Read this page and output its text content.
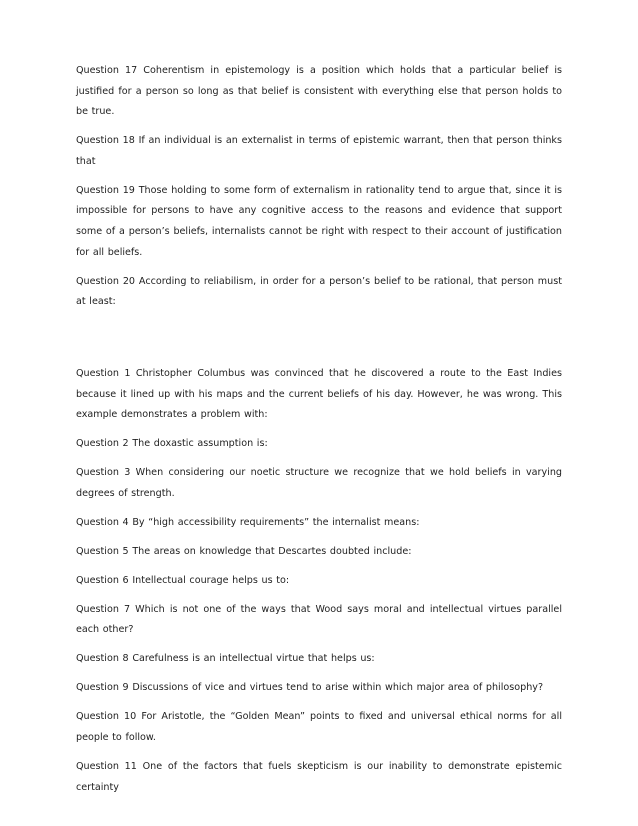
Question 17 Coherentism in epistemology is a position which holds that a particular belief is justified for a person so long as that belief is consistent with everything else that person holds to be true.

Question 18 If an individual is an externalist in terms of epistemic warrant, then that person thinks that

Question 19 Those holding to some form of externalism in rationality tend to argue that, since it is impossible for persons to have any cognitive access to the reasons and evidence that support some of a person’s beliefs, internalists cannot be right with respect to their account of justification for all beliefs.

Question 20 According to reliabilism, in order for a person’s belief to be rational, that person must at least:

Question 1 Christopher Columbus was convinced that he discovered a route to the East Indies because it lined up with his maps and the current beliefs of his day. However, he was wrong. This example demonstrates a problem with:

Question 2 The doxastic assumption is:

Question 3 When considering our noetic structure we recognize that we hold beliefs in varying degrees of strength.

Question 4 By “high accessibility requirements” the internalist means:

Question 5 The areas on knowledge that Descartes doubted include:

Question 6 Intellectual courage helps us to:

Question 7 Which is not one of the ways that Wood says moral and intellectual virtues parallel each other?

Question 8 Carefulness is an intellectual virtue that helps us:

Question 9 Discussions of vice and virtues tend to arise within which major area of philosophy?

Question 10 For Aristotle, the “Golden Mean” points to fixed and universal ethical norms for all people to follow.

Question 11 One of the factors that fuels skepticism is our inability to demonstrate epistemic certainty
